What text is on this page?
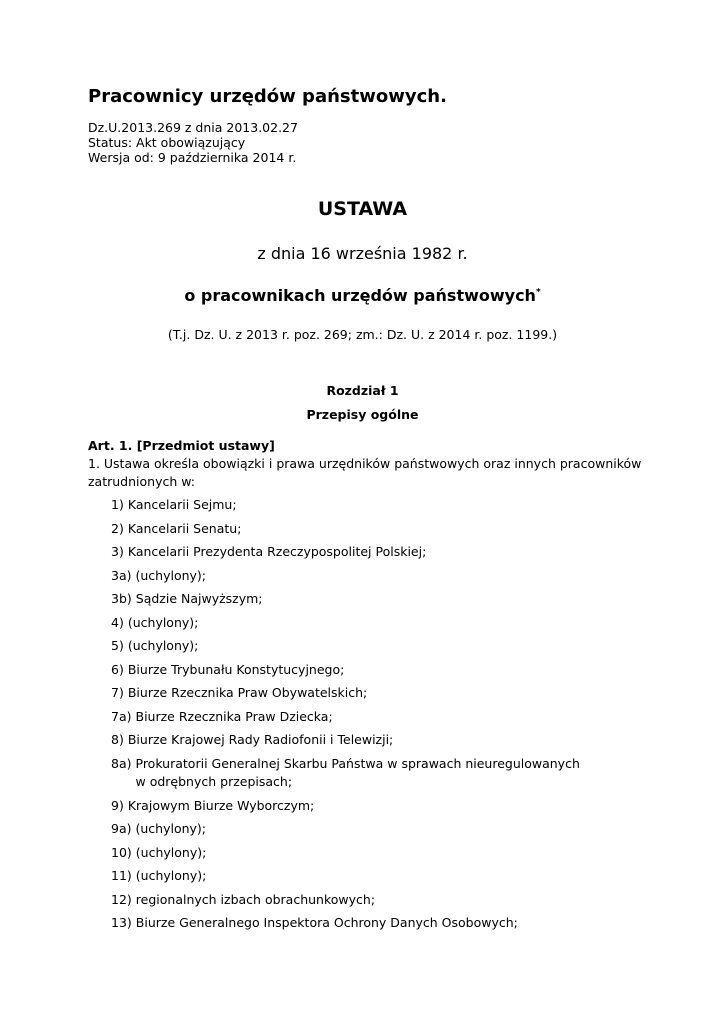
Pracownicy urzędów państwowych.
Dz.U.2013.269 z dnia 2013.02.27
Status: Akt obowiązujący
Wersja od: 9 października 2014 r.
USTAWA
z dnia 16 września 1982 r.
o pracownikach urzędów państwowych*
(T.j. Dz. U. z 2013 r. poz. 269; zm.: Dz. U. z 2014 r. poz. 1199.)
Rozdział 1
Przepisy ogólne
Art. 1. [Przedmiot ustawy]
1. Ustawa określa obowiązki i prawa urzędników państwowych oraz innych pracowników zatrudnionych w:
1) Kancelarii Sejmu;
2) Kancelarii Senatu;
3) Kancelarii Prezydenta Rzeczypospolitej Polskiej;
3a) (uchylony);
3b) Sądzie Najwyższym;
4) (uchylony);
5) (uchylony);
6) Biurze Trybunału Konstytucyjnego;
7) Biurze Rzecznika Praw Obywatelskich;
7a) Biurze Rzecznika Praw Dziecka;
8) Biurze Krajowej Rady Radiofonii i Telewizji;
8a) Prokuratorii Generalnej Skarbu Państwa w sprawach nieuregulowanych w odrębnych przepisach;
9) Krajowym Biurze Wyborczym;
9a) (uchylony);
10) (uchylony);
11) (uchylony);
12) regionalnych izbach obrachunkowych;
13) Biurze Generalnego Inspektora Ochrony Danych Osobowych;
